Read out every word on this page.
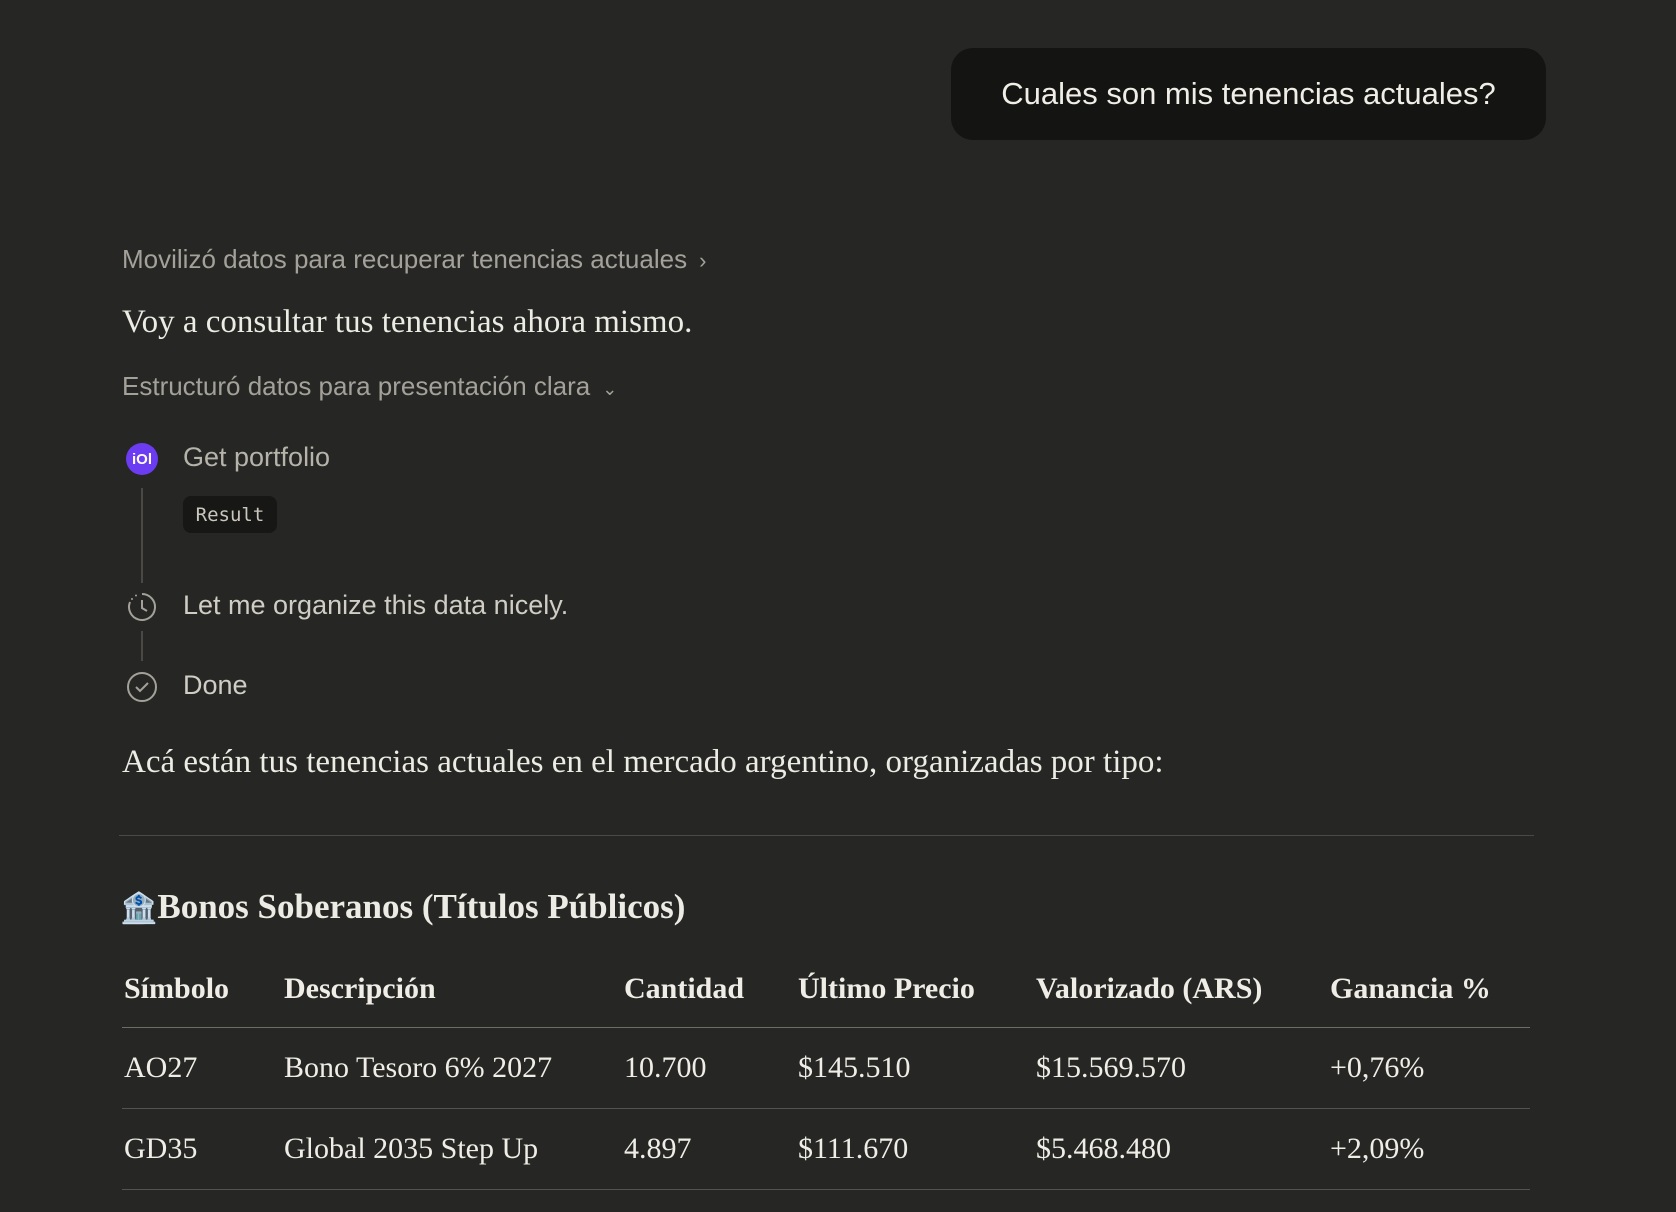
Cuales son mis tenencias actuales?
Movilizó datos para recuperar tenencias actuales ›
Voy a consultar tus tenencias ahora mismo.
Estructuró datos para presentación clara ⌄
iOl Get portfolio
Result
Let me organize this data nicely.
Done
Acá están tus tenencias actuales en el mercado argentino, organizadas por tipo:
🏦Bonos Soberanos (Títulos Públicos)
Símbolo	Descripción	Cantidad	Último Precio	Valorizado (ARS)	Ganancia %
AO27	Bono Tesoro 6% 2027	10.700	$145.510	$15.569.570	+0,76%
GD35	Global 2035 Step Up	4.897	$111.670	$5.468.480	+2,09%
